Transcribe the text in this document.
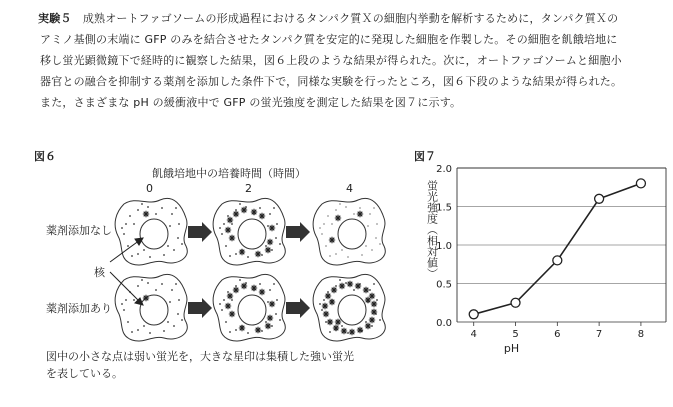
実験５　 成熟オートファゴソームの形成過程におけるタンパク質Ｘの細胞内挙動を解析するために，タンパク質Ｘの
アミノ基側の末端に GFP のみを結合させたタンパク質を安定的に発現した細胞を作製した。その細胞を飢餓培地に
移し蛍光顕微鏡下で経時的に観察した結果，図６上段のような結果が得られた。次に，オートファゴソームと細胞小
器官との融合を抑制する薬剤を添加した条件下で，同様な実験を行ったところ，図６下段のような結果が得られた。
また，さまざまな pH の緩衝液中で GFP の蛍光強度を測定した結果を図７に示す。
図６
飢餓培地中の培養時間（時間）
0	2	4
薬剤添加なし
薬剤添加あり
核
図中の小さな点は弱い蛍光を，大きな星印は集積した強い蛍光
を表している。
図７
0.0
0.5
1.0
1.5
2.0
4	5	6	7	8
pH
蛍光強度（相対値）
